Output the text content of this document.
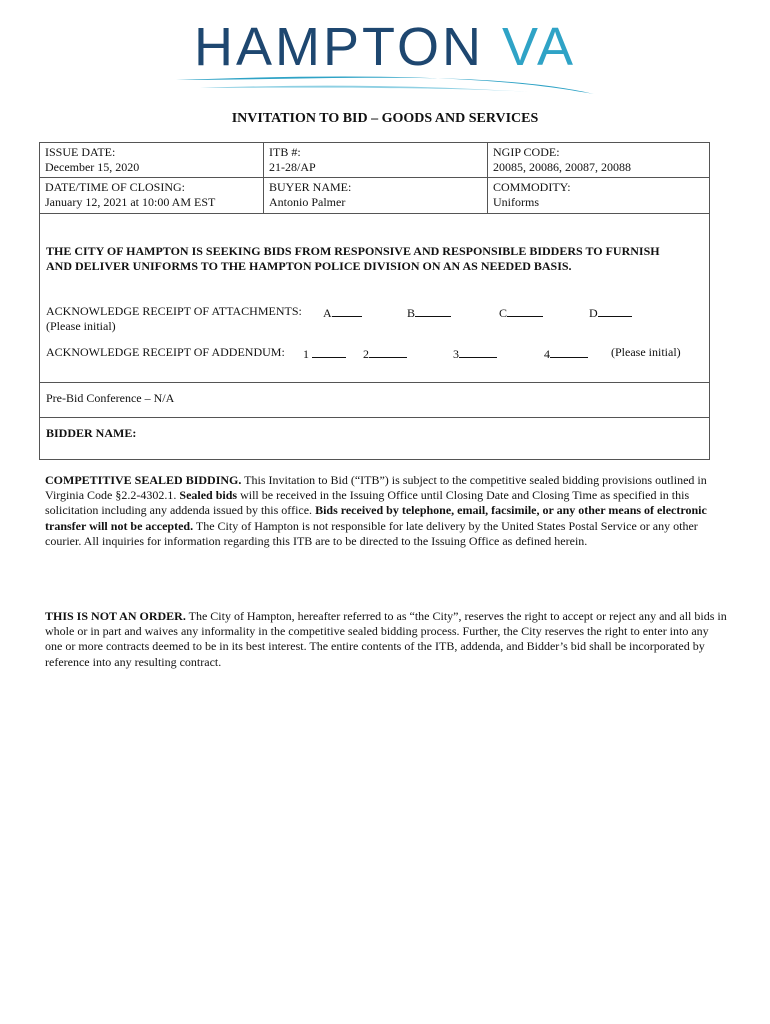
HAMPTON VA
INVITATION TO BID – GOODS AND SERVICES
ISSUE DATE:
December 15, 2020
ITB #:
21-28/AP
NGIP CODE:
20085, 20086, 20087, 20088
DATE/TIME OF CLOSING:
January 12, 2021 at 10:00 AM EST
BUYER NAME:
Antonio Palmer
COMMODITY:
Uniforms
THE CITY OF HAMPTON IS SEEKING BIDS FROM RESPONSIVE AND RESPONSIBLE BIDDERS TO FURNISH
AND DELIVER UNIFORMS TO THE HAMPTON POLICE DIVISION ON AN AS NEEDED BASIS.
ACKNOWLEDGE RECEIPT OF ATTACHMENTS: A	B	C	D
(Please initial)
ACKNOWLEDGE RECEIPT OF ADDENDUM: 1	2	3	4	(Please initial)
Pre-Bid Conference – N/A
BIDDER NAME:
COMPETITIVE SEALED BIDDING. This Invitation to Bid (“ITB”) is subject to the competitive sealed bidding provisions outlined in Virginia Code §2.2-4302.1. Sealed bids will be received in the Issuing Office until Closing Date and Closing Time as specified in this solicitation including any addenda issued by this office. Bids received by telephone, email, facsimile, or any other means of electronic transfer will not be accepted. The City of Hampton is not responsible for late delivery by the United States Postal Service or any other courier. All inquiries for information regarding this ITB are to be directed to the Issuing Office as defined herein.
THIS IS NOT AN ORDER. The City of Hampton, hereafter referred to as “the City”, reserves the right to accept or reject any and all bids in whole or in part and waives any informality in the competitive sealed bidding process. Further, the City reserves the right to enter into any one or more contracts deemed to be in its best interest. The entire contents of the ITB, addenda, and Bidder’s bid shall be incorporated by reference into any resulting contract.
